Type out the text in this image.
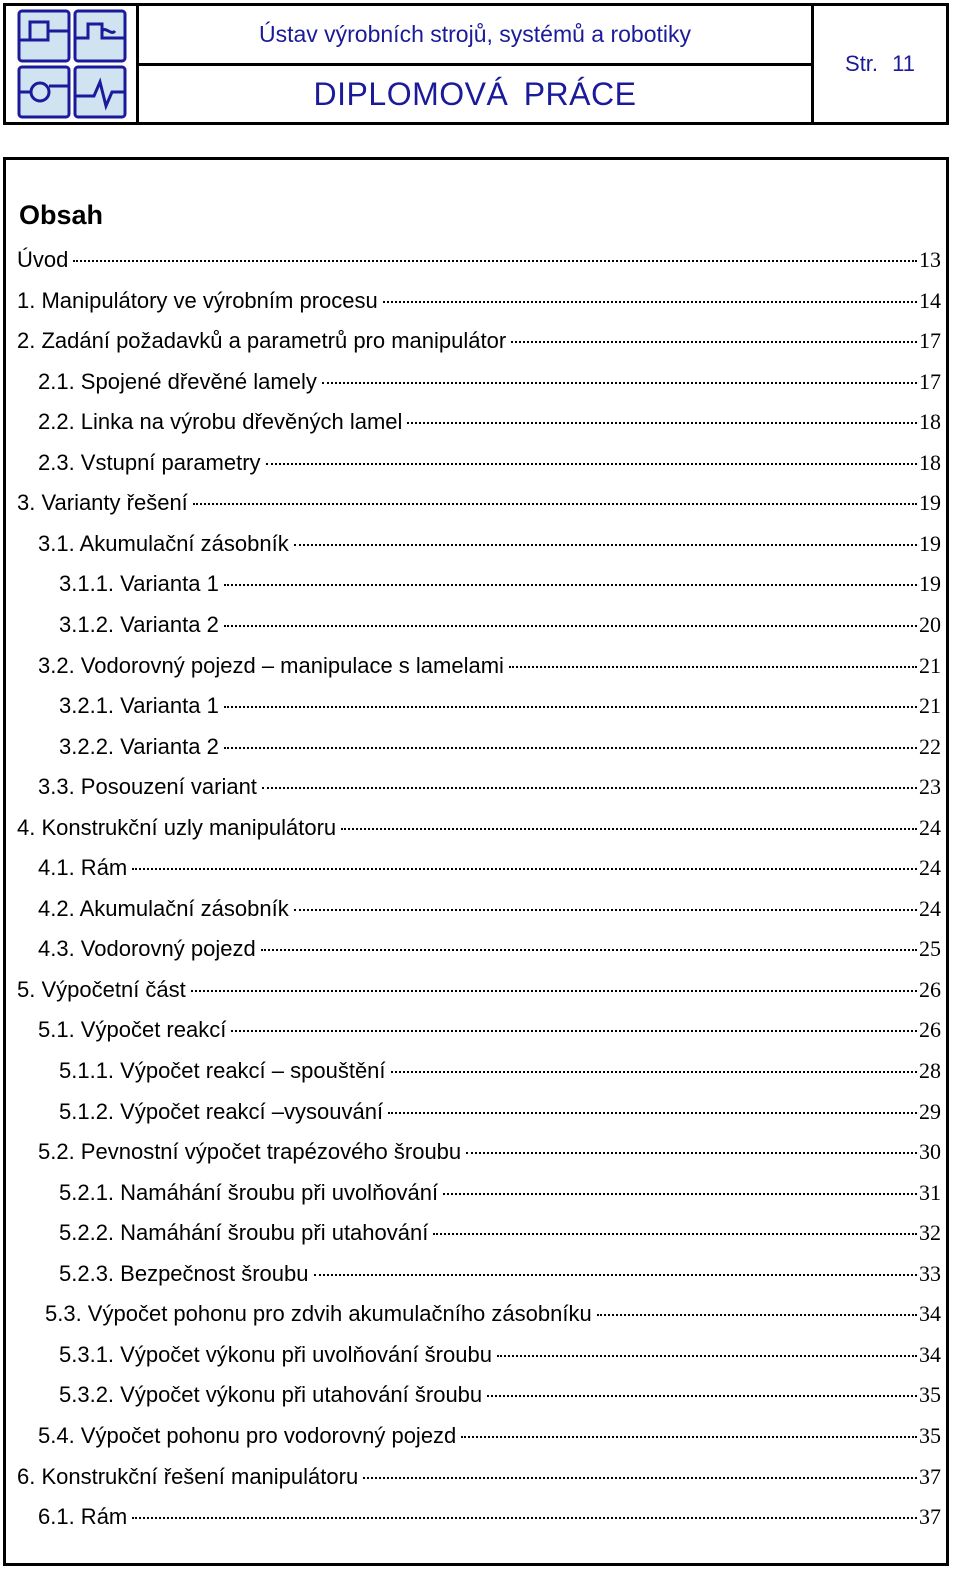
Ústav výrobních strojů, systémů a robotiky
DIPLOMOVÁ PRÁCE
Str. 11
Obsah
Úvod	13
1. Manipulátory ve výrobním procesu	14
2. Zadání požadavků a parametrů pro manipulátor	17
2.1. Spojené dřevěné lamely	17
2.2. Linka na výrobu dřevěných lamel	18
2.3. Vstupní parametry	18
3. Varianty řešení	19
3.1. Akumulační zásobník	19
3.1.1. Varianta 1	19
3.1.2. Varianta 2	20
3.2. Vodorovný pojezd – manipulace s lamelami	21
3.2.1. Varianta 1	21
3.2.2. Varianta 2	22
3.3. Posouzení variant	23
4. Konstrukční uzly manipulátoru	24
4.1. Rám	24
4.2. Akumulační zásobník	24
4.3. Vodorovný pojezd	25
5. Výpočetní část	26
5.1. Výpočet reakcí	26
5.1.1. Výpočet reakcí – spouštění	28
5.1.2. Výpočet reakcí –vysouvání	29
5.2. Pevnostní výpočet trapézového šroubu	30
5.2.1. Namáhání šroubu při uvolňování	31
5.2.2. Namáhání šroubu při utahování	32
5.2.3. Bezpečnost šroubu	33
5.3. Výpočet pohonu pro zdvih akumulačního zásobníku	34
5.3.1. Výpočet výkonu při uvolňování šroubu	34
5.3.2. Výpočet výkonu při utahování šroubu	35
5.4. Výpočet pohonu pro vodorovný pojezd	35
6. Konstrukční řešení manipulátoru	37
6.1. Rám	37
